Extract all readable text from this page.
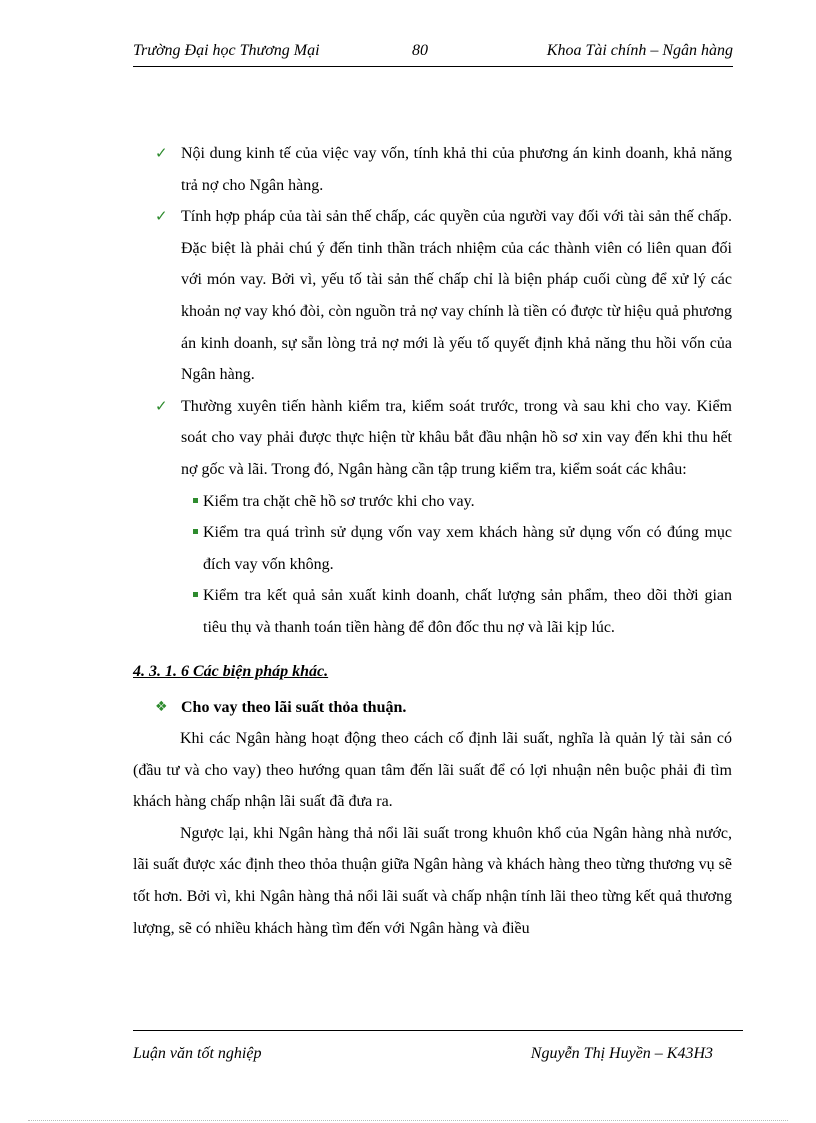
Trường Đại học Thương Mại	80	Khoa Tài chính – Ngân hàng
✓ Nội dung kinh tế của việc vay vốn, tính khả thi của phương án kinh doanh, khả năng trả nợ cho Ngân hàng.
✓ Tính hợp pháp của tài sản thế chấp, các quyền của người vay đối với tài sản thế chấp. Đặc biệt là phải chú ý đến tinh thần trách nhiệm của các thành viên có liên quan đối với món vay. Bởi vì, yếu tố tài sản thế chấp chỉ là biện pháp cuối cùng để xử lý các khoản nợ vay khó đòi, còn nguồn trả nợ vay chính là tiền có được từ hiệu quả phương án kinh doanh, sự sẵn lòng trả nợ mới là yếu tố quyết định khả năng thu hồi vốn của Ngân hàng.
✓ Thường xuyên tiến hành kiểm tra, kiểm soát trước, trong và sau khi cho vay. Kiểm soát cho vay phải được thực hiện từ khâu bắt đầu nhận hồ sơ xin vay đến khi thu hết nợ gốc và lãi. Trong đó, Ngân hàng cần tập trung kiểm tra, kiểm soát các khâu:
Kiểm tra chặt chẽ hồ sơ trước khi cho vay.
Kiểm tra quá trình sử dụng vốn vay xem khách hàng sử dụng vốn có đúng mục đích vay vốn không.
Kiểm tra kết quả sản xuất kinh doanh, chất lượng sản phẩm, theo dõi thời gian tiêu thụ và thanh toán tiền hàng để đôn đốc thu nợ và lãi kịp lúc.
4. 3. 1. 6 Các biện pháp khác.
❖ Cho vay theo lãi suất thỏa thuận.
Khi các Ngân hàng hoạt động theo cách cố định lãi suất, nghĩa là quản lý tài sản có (đầu tư và cho vay) theo hướng quan tâm đến lãi suất để có lợi nhuận nên buộc phải đi tìm khách hàng chấp nhận lãi suất đã đưa ra.
Ngược lại, khi Ngân hàng thả nổi lãi suất trong khuôn khổ của Ngân hàng nhà nước, lãi suất được xác định theo thỏa thuận giữa Ngân hàng và khách hàng theo từng thương vụ sẽ tốt hơn. Bởi vì, khi Ngân hàng thả nổi lãi suất và chấp nhận tính lãi theo từng kết quả thương lượng, sẽ có nhiều khách hàng tìm đến với Ngân hàng và điều
Luận văn tốt nghiệp	Nguyễn Thị Huyền – K43H3
